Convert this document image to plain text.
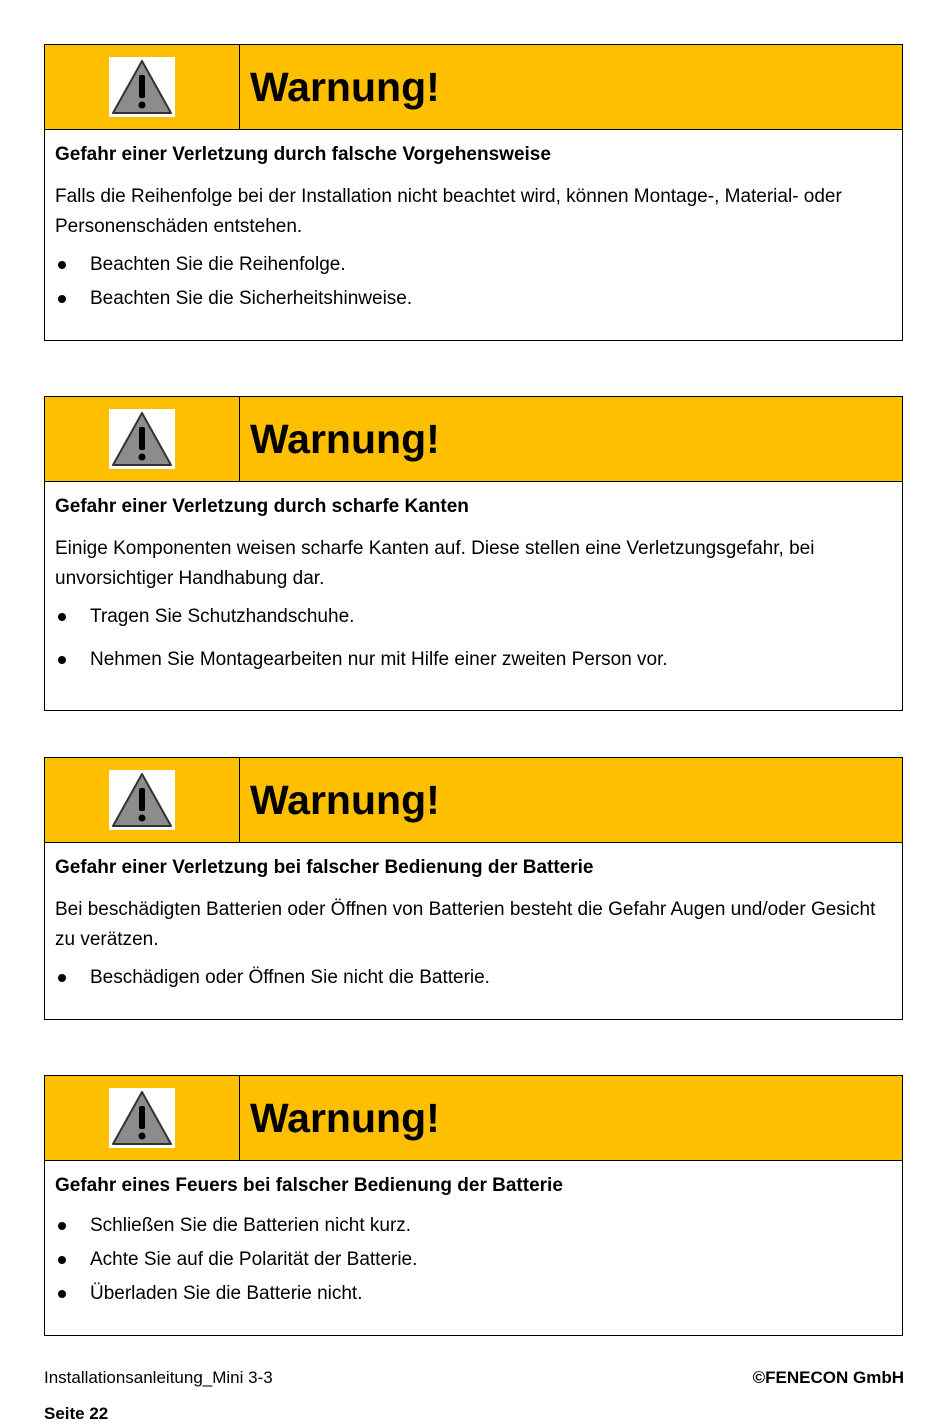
Warnung!

Gefahr einer Verletzung durch falsche Vorgehensweise

Falls die Reihenfolge bei der Installation nicht beachtet wird, können Montage-, Material- oder Personenschäden entstehen.

Beachten Sie die Reihenfolge.
Beachten Sie die Sicherheitshinweise.
Warnung!

Gefahr einer Verletzung durch scharfe Kanten

Einige Komponenten weisen scharfe Kanten auf. Diese stellen eine Verletzungsgefahr, bei unvorsichtiger Handhabung dar.

Tragen Sie Schutzhandschuhe.
Nehmen Sie Montagearbeiten nur mit Hilfe einer zweiten Person vor.
Warnung!

Gefahr einer Verletzung bei falscher Bedienung der Batterie

Bei beschädigten Batterien oder Öffnen von Batterien besteht die Gefahr Augen und/oder Gesicht zu verätzen.

Beschädigen oder Öffnen Sie nicht die Batterie.
Warnung!

Gefahr eines Feuers bei falscher Bedienung der Batterie

Schließen Sie die Batterien nicht kurz.
Achte Sie auf die Polarität der Batterie.
Überladen Sie die Batterie nicht.
Installationsanleitung_Mini 3-3	©FENECON GmbH
Seite 22
